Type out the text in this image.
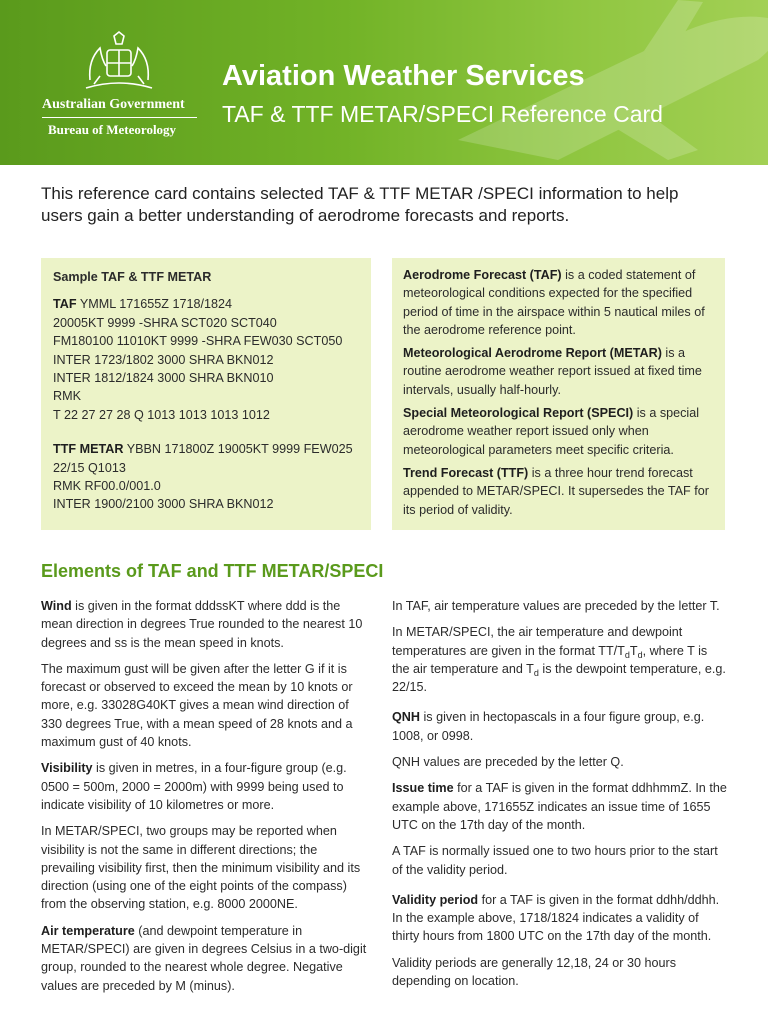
Australian Government
Bureau of Meteorology
Aviation Weather Services
TAF & TTF METAR/SPECI Reference Card
This reference card contains selected TAF & TTF METAR /SPECI information to help users gain a better understanding of aerodrome forecasts and reports.
Sample TAF & TTF METAR
TAF YMML 171655Z 1718/1824
20005KT 9999 -SHRA SCT020 SCT040
FM180100 11010KT 9999 -SHRA FEW030 SCT050
INTER 1723/1802 3000 SHRA BKN012
INTER 1812/1824 3000 SHRA BKN010
RMK
T 22 27 27 28 Q 1013 1013 1013 1012
TTF METAR YBBN 171800Z 19005KT 9999 FEW025
22/15 Q1013
RMK RF00.0/001.0
INTER 1900/2100 3000 SHRA BKN012

Aerodrome Forecast (TAF) is a coded statement of meteorological conditions expected for the specified period of time in the airspace within 5 nautical miles of the aerodrome reference point.

Meteorological Aerodrome Report (METAR) is a routine aerodrome weather report issued at fixed time intervals, usually half-hourly.

Special Meteorological Report (SPECI) is a special aerodrome weather report issued only when meteorological parameters meet specific criteria.

Trend Forecast (TTF) is a three hour trend forecast appended to METAR/SPECI. It supersedes the TAF for its period of validity.

Elements of TAF and TTF METAR/SPECI

Wind is given in the format dddssKT where ddd is the mean direction in degrees True rounded to the nearest 10 degrees and ss is the mean speed in knots.

The maximum gust will be given after the letter G if it is forecast or observed to exceed the mean by 10 knots or more, e.g. 33028G40KT gives a mean wind direction of 330 degrees True, with a mean speed of 28 knots and a maximum gust of 40 knots.

Visibility is given in metres, in a four-figure group (e.g. 0500 = 500m, 2000 = 2000m) with 9999 being used to indicate visibility of 10 kilometres or more.

In METAR/SPECI, two groups may be reported when visibility is not the same in different directions; the prevailing visibility first, then the minimum visibility and its direction (using one of the eight points of the compass) from the observing station, e.g. 8000 2000NE.

Air temperature (and dewpoint temperature in METAR/SPECI) are given in degrees Celsius in a two-digit group, rounded to the nearest whole degree. Negative values are preceded by M (minus).

In TAF, air temperature values are preceded by the letter T.

In METAR/SPECI, the air temperature and dewpoint temperatures are given in the format $TT/T_dT_d$, where T is the air temperature and $T_d$ is the dewpoint temperature, e.g. 22/15.

QNH is given in hectopascals in a four figure group, e.g. 1008, or 0998.

QNH values are preceded by the letter Q.

Issue time for a TAF is given in the format ddhhmmZ. In the example above, 171655Z indicates an issue time of 1655 UTC on the 17th day of the month.

A TAF is normally issued one to two hours prior to the start of the validity period.

Validity period for a TAF is given in the format ddhh/ddhh. In the example above, 1718/1824 indicates a validity of thirty hours from 1800 UTC on the 17th day of the month.

Validity periods are generally 12,18, 24 or 30 hours depending on location.
